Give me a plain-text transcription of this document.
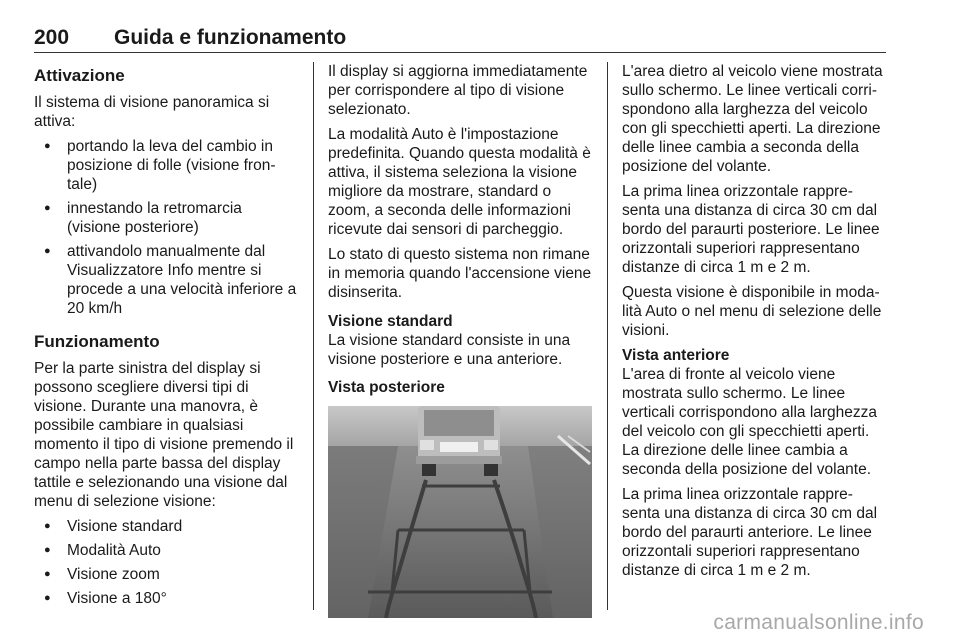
200 Guida e funzionamento
Attivazione

Il sistema di visione panoramica si attiva:

● portando la leva del cambio in posizione di folle (visione fron-tale)
● innestando la retromarcia (visione posteriore)
● attivandolo manualmente dal Visualizzatore Info mentre si procede a una velocità inferiore a 20 km/h
Funzionamento

Per la parte sinistra del display si possono scegliere diversi tipi di visione. Durante una manovra, è possibile cambiare in qualsiasi momento il tipo di visione premendo il campo nella parte bassa del display tattile e selezionando una visione dal menu di selezione visione:

● Visione standard
● Modalità Auto
● Visione zoom
● Visione a 180°

Il display si aggiorna immediatamente per corrispondere al tipo di visione selezionato.

La modalità Auto è l'impostazione predefinita. Quando questa modalità è attiva, il sistema seleziona la visione migliore da mostrare, standard o zoom, a seconda delle informazioni ricevute dai sensori di parcheggio.

Lo stato di questo sistema non rimane in memoria quando l'accensione viene disinserita.

Visione standard

La visione standard consiste in una visione posteriore e una anteriore.

Vista posteriore

L'area dietro al veicolo viene mostrata sullo schermo. Le linee verticali corri-spondono alla larghezza del veicolo con gli specchietti aperti. La direzione delle linee cambia a seconda della posizione del volante.

La prima linea orizzontale rappre-senta una distanza di circa 30 cm dal bordo del paraurti posteriore. Le linee orizzontali superiori rappresentano distanze di circa 1 m e 2 m.

Questa visione è disponibile in moda-lità Auto o nel menu di selezione delle visioni.

Vista anteriore

L'area di fronte al veicolo viene mostrata sullo schermo. Le linee verticali corrispondono alla larghezza del veicolo con gli specchietti aperti. La direzione delle linee cambia a seconda della posizione del volante.

La prima linea orizzontale rappre-senta una distanza di circa 30 cm dal bordo del paraurti anteriore. Le linee orizzontali superiori rappresentano distanze di circa 1 m e 2 m.

carmanualsonline.info
